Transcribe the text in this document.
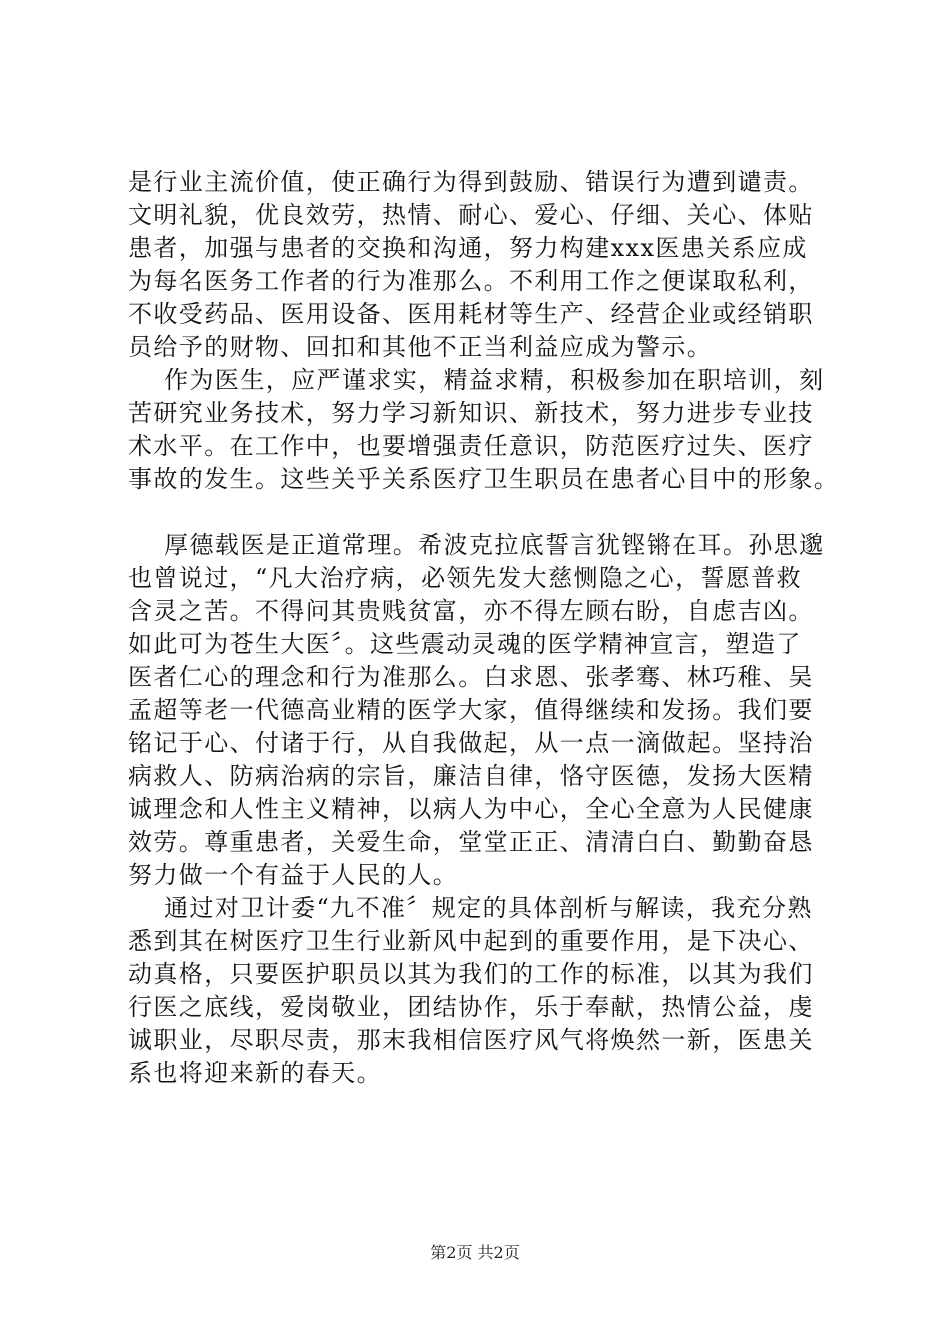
是行业主流价值，使正确行为得到鼓励、错误行为遭到谴责。
文明礼貌，优良效劳，热情、耐心、爱心、仔细、关心、体贴
患者，加强与患者的交换和沟通，努力构建xxx医患关系应成
为每名医务工作者的行为准那么。不利用工作之便谋取私利，
不收受药品、医用设备、医用耗材等生产、经营企业或经销职
员给予的财物、回扣和其他不正当利益应成为警示。
作为医生，应严谨求实，精益求精，积极参加在职培训，刻
苦研究业务技术，努力学习新知识、新技术，努力进步专业技
术水平。在工作中，也要增强责任意识，防范医疗过失、医疗
事故的发生。这些关乎关系医疗卫生职员在患者心目中的形象。
厚德载医是正道常理。希波克拉底誓言犹铿锵在耳。孙思邈
也曾说过，“凡大治疗病，必领先发大慈恻隐之心，誓愿普救
含灵之苦。不得问其贵贱贫富，亦不得左顾右盼，自虑吉凶。
如此可为苍生大医〞。这些震动灵魂的医学精神宣言，塑造了
医者仁心的理念和行为准那么。白求恩、张孝骞、林巧稚、吴
孟超等老一代德高业精的医学大家，值得继续和发扬。我们要
铭记于心、付诸于行，从自我做起，从一点一滴做起。坚持治
病救人、防病治病的宗旨，廉洁自律，恪守医德，发扬大医精
诚理念和人性主义精神，以病人为中心，全心全意为人民健康
效劳。尊重患者，关爱生命，堂堂正正、清清白白、勤勤奋恳
努力做一个有益于人民的人。
通过对卫计委“九不准〞规定的具体剖析与解读，我充分熟
悉到其在树医疗卫生行业新风中起到的重要作用，是下决心、
动真格，只要医护职员以其为我们的工作的标准，以其为我们
行医之底线，爱岗敬业，团结协作，乐于奉献，热情公益，虔
诚职业，尽职尽责，那末我相信医疗风气将焕然一新，医患关
系也将迎来新的春天。
第2页 共2页
